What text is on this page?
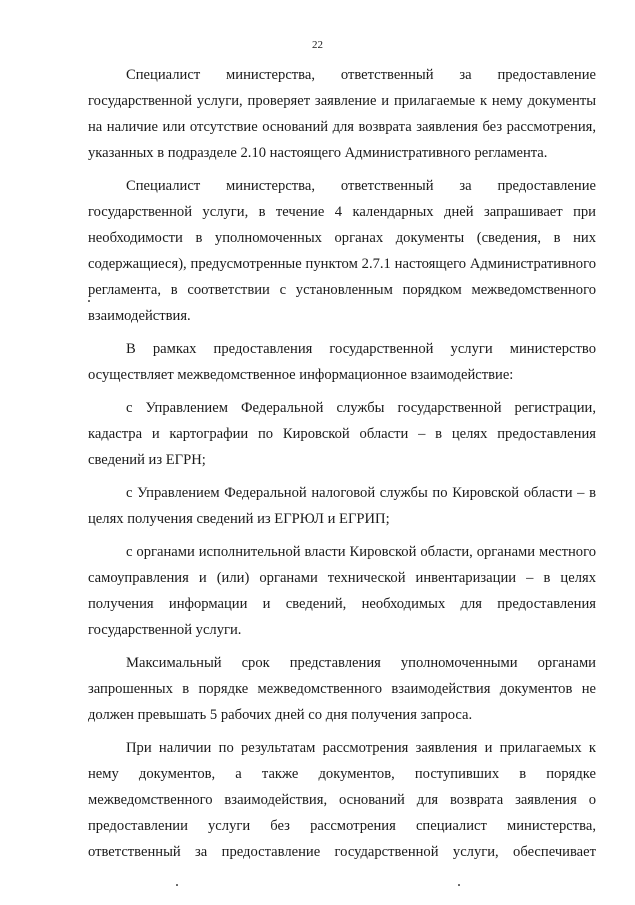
22

Специалист министерства, ответственный за предоставление государственной услуги, проверяет заявление и прилагаемые к нему документы на наличие или отсутствие оснований для возврата заявления без рассмотрения, указанных в подразделе 2.10 настоящего Административного регламента.

Специалист министерства, ответственный за предоставление государственной услуги, в течение 4 календарных дней запрашивает при необходимости в уполномоченных органах документы (сведения, в них содержащиеся), предусмотренные пунктом 2.7.1 настоящего Административного регламента, в соответствии с установленным порядком межведомственного взаимодействия.

В рамках предоставления государственной услуги министерство осуществляет межведомственное информационное взаимодействие:

с Управлением Федеральной службы государственной регистрации, кадастра и картографии по Кировской области – в целях предоставления сведений из ЕГРН;

с Управлением Федеральной налоговой службы по Кировской области – в целях получения сведений из ЕГРЮЛ и ЕГРИП;

с органами исполнительной власти Кировской области, органами местного самоуправления и (или) органами технической инвентаризации – в целях получения информации и сведений, необходимых для предоставления государственной услуги.

Максимальный срок представления уполномоченными органами запрошенных в порядке межведомственного взаимодействия документов не должен превышать 5 рабочих дней со дня получения запроса.

При наличии по результатам рассмотрения заявления и прилагаемых к нему документов, а также документов, поступивших в порядке межведомственного взаимодействия, оснований для возврата заявления о предоставлении услуги без рассмотрения специалист министерства, ответственный за предоставление государственной услуги, обеспечивает
